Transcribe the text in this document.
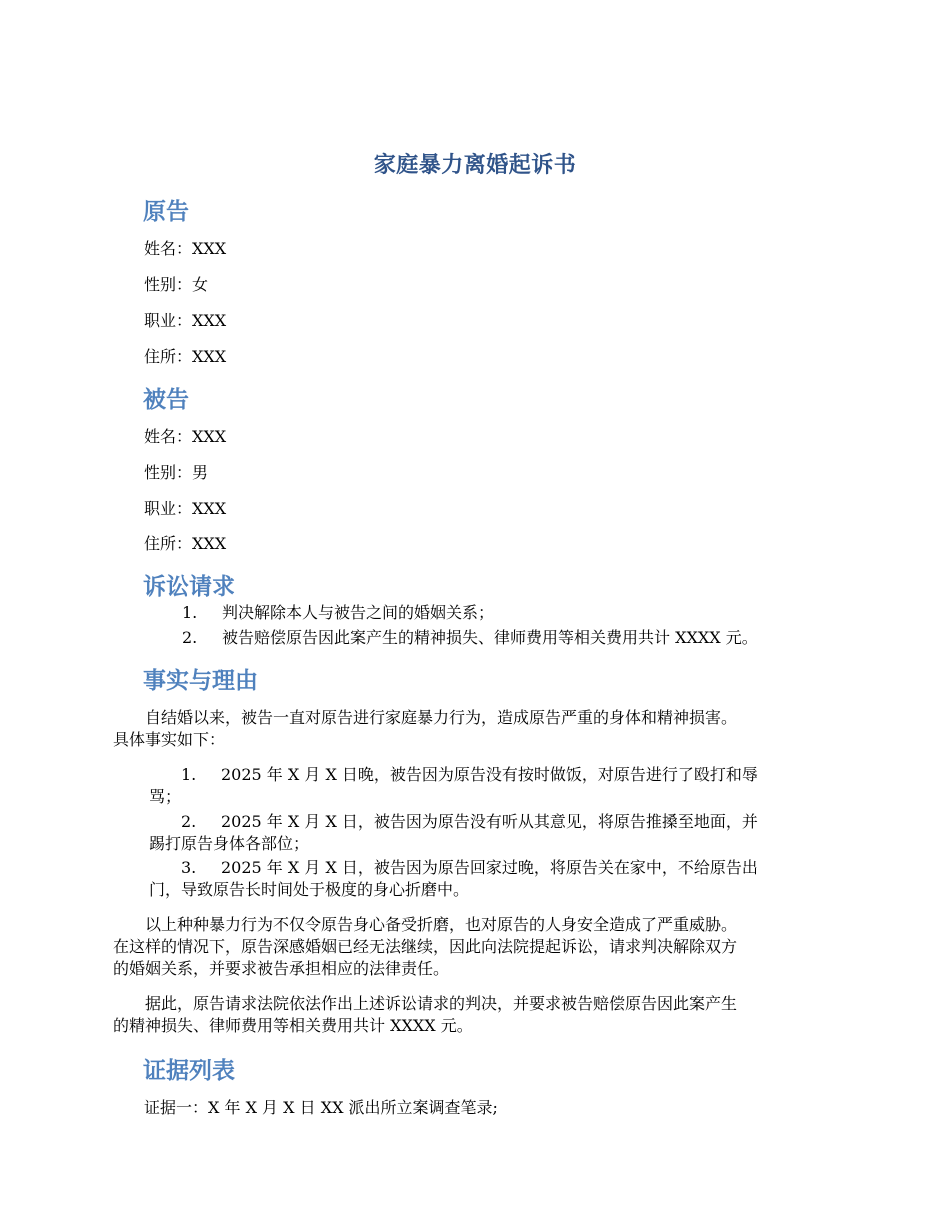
家庭暴力离婚起诉书
原告
姓名：XXX
性别：女
职业：XXX
住所：XXX
被告
姓名：XXX
性别：男
职业：XXX
住所：XXX
诉讼请求
1. 判决解除本人与被告之间的婚姻关系；
2. 被告赔偿原告因此案产生的精神损失、律师费用等相关费用共计 XXXX 元。
事实与理由
自结婚以来，被告一直对原告进行家庭暴力行为，造成原告严重的身体和精神损害。
具体事实如下：
1. 2025 年 X 月 X 日晚，被告因为原告没有按时做饭，对原告进行了殴打和辱
骂；
2. 2025 年 X 月 X 日，被告因为原告没有听从其意见，将原告推搡至地面，并
踢打原告身体各部位；
3. 2025 年 X 月 X 日，被告因为原告回家过晚，将原告关在家中，不给原告出
门，导致原告长时间处于极度的身心折磨中。
以上种种暴力行为不仅令原告身心备受折磨，也对原告的人身安全造成了严重威胁。
在这样的情况下，原告深感婚姻已经无法继续，因此向法院提起诉讼，请求判决解除双方
的婚姻关系，并要求被告承担相应的法律责任。
据此，原告请求法院依法作出上述诉讼请求的判决，并要求被告赔偿原告因此案产生
的精神损失、律师费用等相关费用共计 XXXX 元。
证据列表
证据一：X 年 X 月 X 日 XX 派出所立案调查笔录;
